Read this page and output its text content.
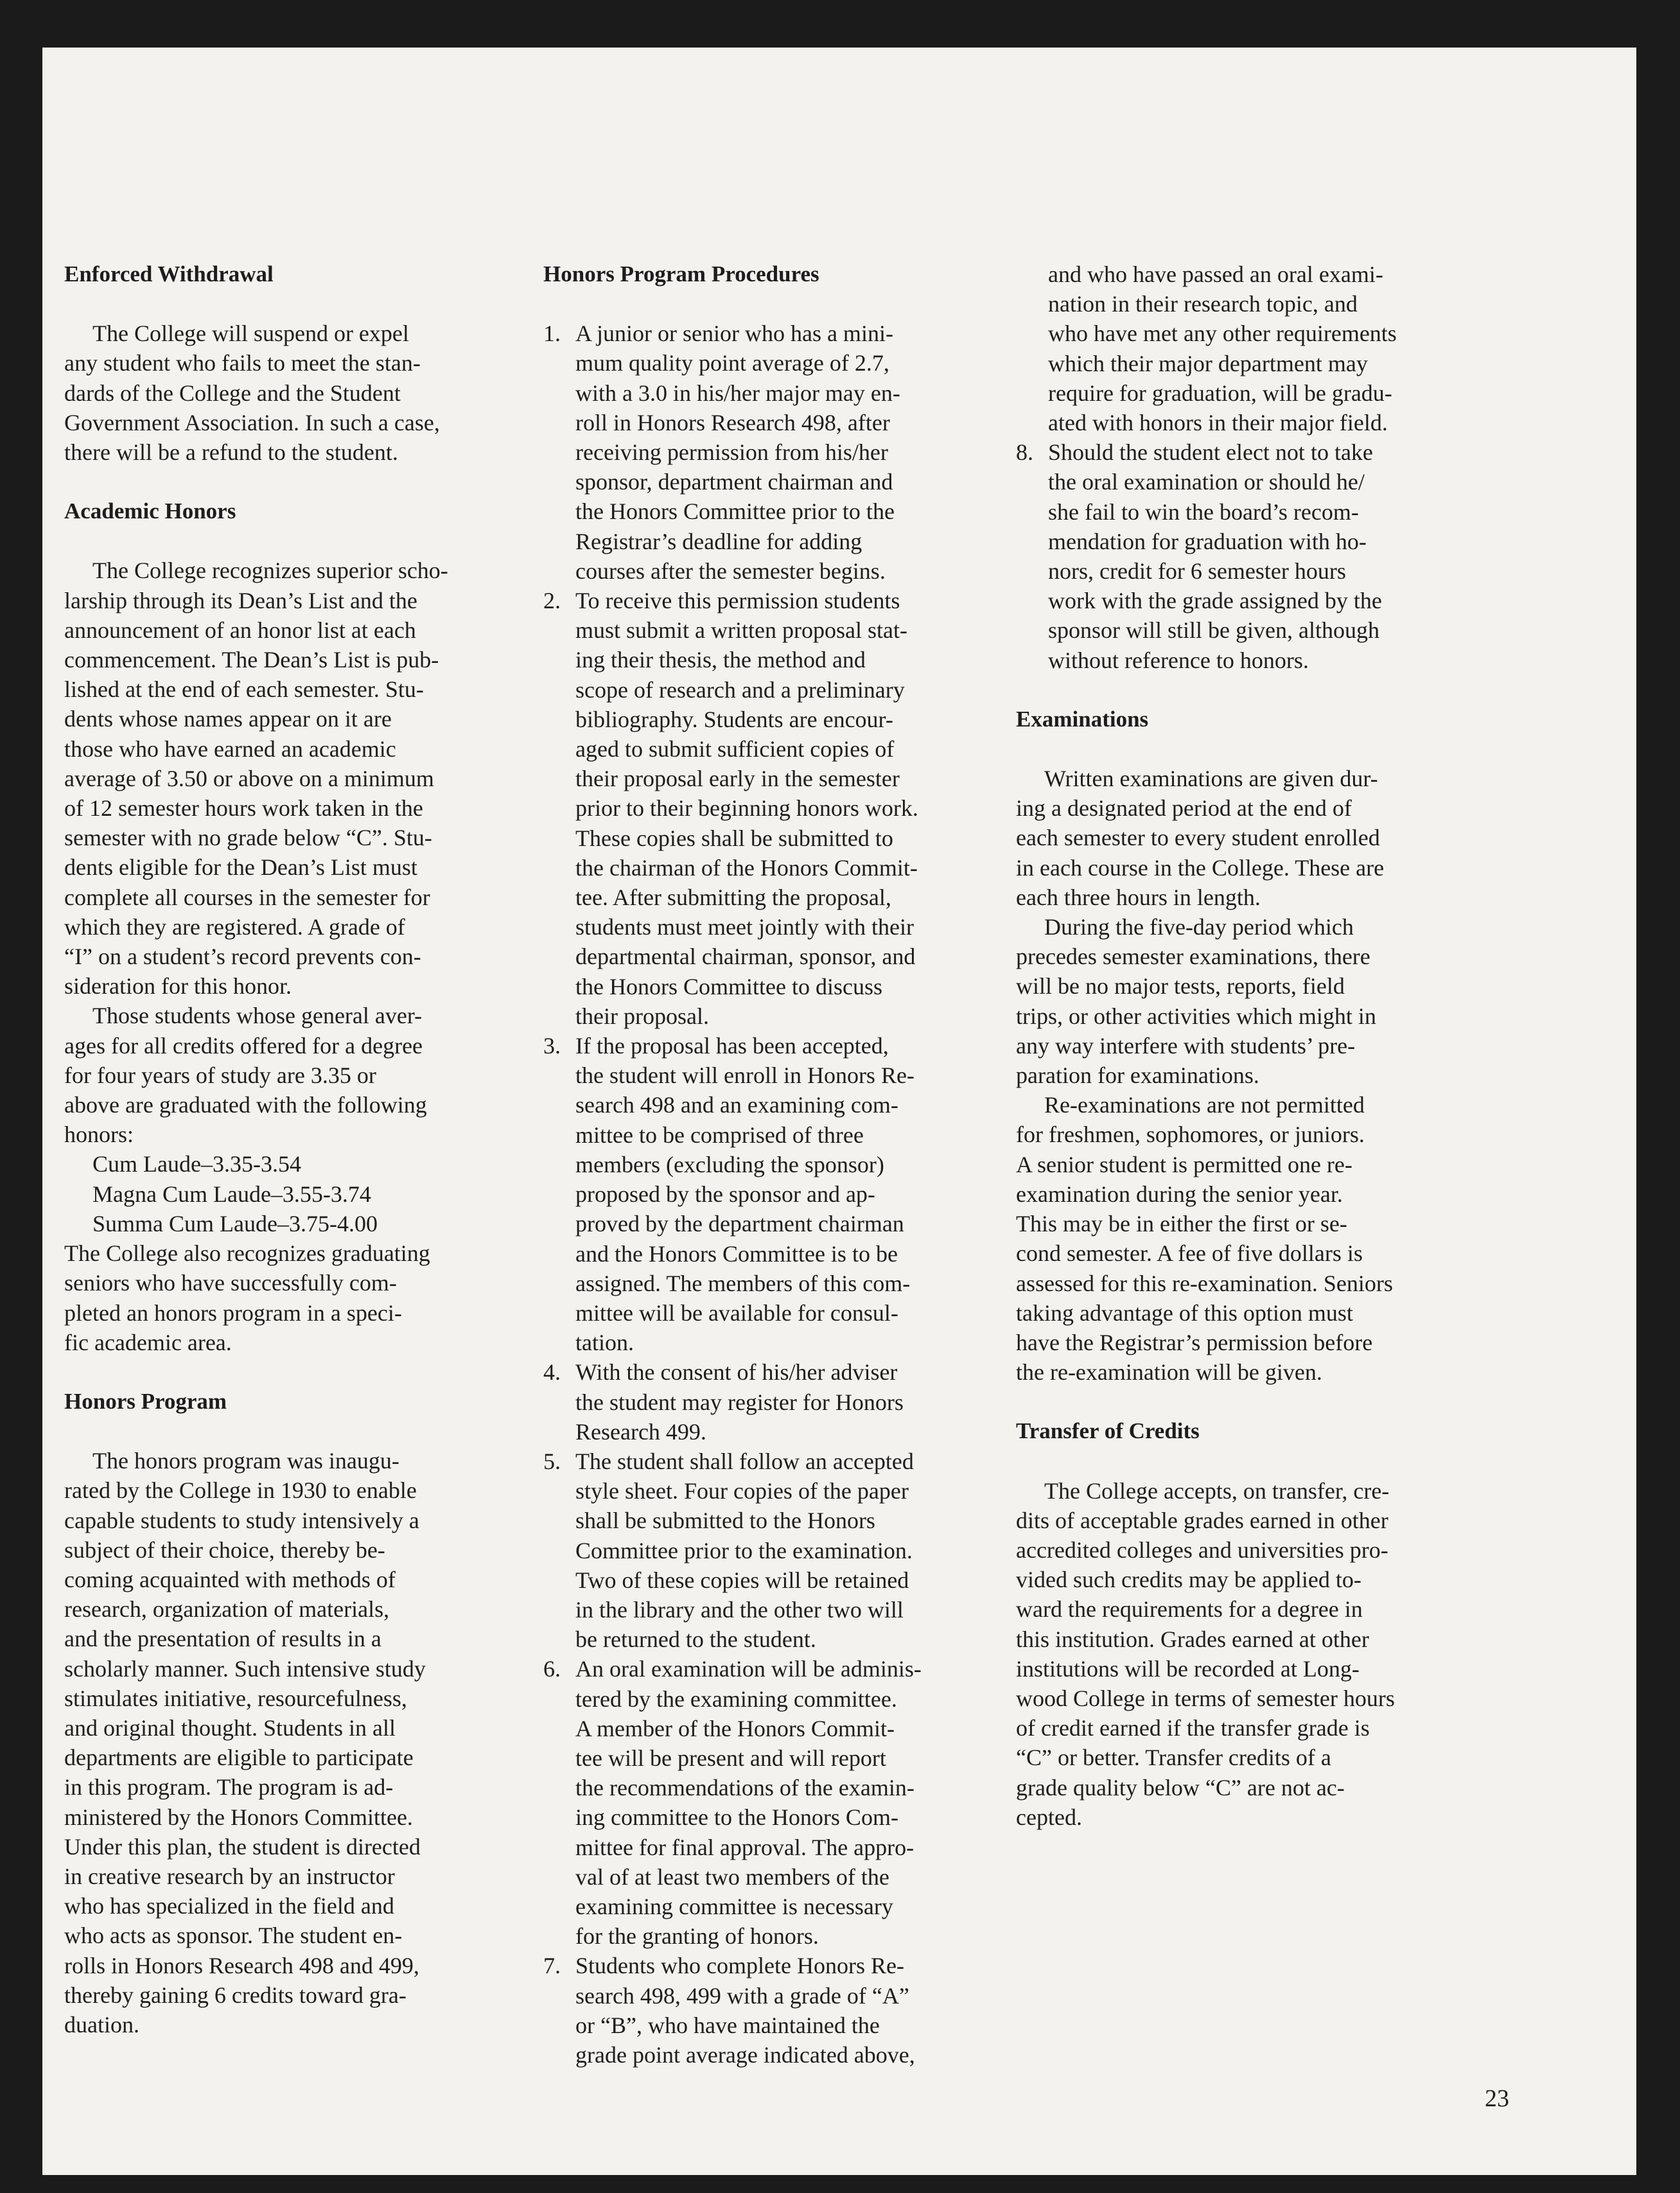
Enforced Withdrawal

The College will suspend or expel

any student who fails to meet the stan-

dards of the College and the Student

Government Association. In such a case,

there will be a refund to the student.

Academic Honors

The College recognizes superior scho-

larship through its Dean’s List and the

announcement of an honor list at each

commencement. The Dean’s List is pub-

lished at the end of each semester. Stu-

dents whose names appear on it are

those who have earned an academic

average of 3.50 or above on a minimum

of 12 semester hours work taken in the

semester with no grade below “C”. Stu-

dents eligible for the Dean’s List must

complete all courses in the semester for

which they are registered. A grade of

“I” on a student’s record prevents con-

sideration for this honor.

Those students whose general aver-

ages for all credits offered for a degree

for four years of study are 3.35 or

above are graduated with the following

honors:

Cum Laude–3.35-3.54

Magna Cum Laude–3.55-3.74

Summa Cum Laude–3.75-4.00

The College also recognizes graduating

seniors who have successfully com-

pleted an honors program in a speci-

fic academic area.

Honors Program

The honors program was inaugu-

rated by the College in 1930 to enable

capable students to study intensively a

subject of their choice, thereby be-

coming acquainted with methods of

research, organization of materials,

and the presentation of results in a

scholarly manner. Such intensive study

stimulates initiative, resourcefulness,

and original thought. Students in all

departments are eligible to participate

in this program. The program is ad-

ministered by the Honors Committee.

Under this plan, the student is directed

in creative research by an instructor

who has specialized in the field and

who acts as sponsor. The student en-

rolls in Honors Research 498 and 499,

thereby gaining 6 credits toward gra-

duation.

Honors Program Procedures

1. A junior or senior who has a mini-

mum quality point average of 2.7,

with a 3.0 in his/her major may en-

roll in Honors Research 498, after

receiving permission from his/her

sponsor, department chairman and

the Honors Committee prior to the

Registrar’s deadline for adding

courses after the semester begins.

2. To receive this permission students

must submit a written proposal stat-

ing their thesis, the method and

scope of research and a preliminary

bibliography. Students are encour-

aged to submit sufficient copies of

their proposal early in the semester

prior to their beginning honors work.

These copies shall be submitted to

the chairman of the Honors Commit-

tee. After submitting the proposal,

students must meet jointly with their

departmental chairman, sponsor, and

the Honors Committee to discuss

their proposal.

3. If the proposal has been accepted,

the student will enroll in Honors Re-

search 498 and an examining com-

mittee to be comprised of three

members (excluding the sponsor)

proposed by the sponsor and ap-

proved by the department chairman

and the Honors Committee is to be

assigned. The members of this com-

mittee will be available for consul-

tation.

4. With the consent of his/her adviser

the student may register for Honors

Research 499.

5. The student shall follow an accepted

style sheet. Four copies of the paper

shall be submitted to the Honors

Committee prior to the examination.

Two of these copies will be retained

in the library and the other two will

be returned to the student.

6. An oral examination will be adminis-

tered by the examining committee.

A member of the Honors Commit-

tee will be present and will report

the recommendations of the examin-

ing committee to the Honors Com-

mittee for final approval. The appro-

val of at least two members of the

examining committee is necessary

for the granting of honors.

7. Students who complete Honors Re-

search 498, 499 with a grade of “A”

or “B”, who have maintained the

grade point average indicated above,

and who have passed an oral exami-

nation in their research topic, and

who have met any other requirements

which their major department may

require for graduation, will be gradu-

ated with honors in their major field.

8. Should the student elect not to take

the oral examination or should he/

she fail to win the board’s recom-

mendation for graduation with ho-

nors, credit for 6 semester hours

work with the grade assigned by the

sponsor will still be given, although

without reference to honors.

Examinations

Written examinations are given dur-

ing a designated period at the end of

each semester to every student enrolled

in each course in the College. These are

each three hours in length.

During the five-day period which

precedes semester examinations, there

will be no major tests, reports, field

trips, or other activities which might in

any way interfere with students’ pre-

paration for examinations.

Re-examinations are not permitted

for freshmen, sophomores, or juniors.

A senior student is permitted one re-

examination during the senior year.

This may be in either the first or se-

cond semester. A fee of five dollars is

assessed for this re-examination. Seniors

taking advantage of this option must

have the Registrar’s permission before

the re-examination will be given.

Transfer of Credits

The College accepts, on transfer, cre-

dits of acceptable grades earned in other

accredited colleges and universities pro-

vided such credits may be applied to-

ward the requirements for a degree in

this institution. Grades earned at other

institutions will be recorded at Long-

wood College in terms of semester hours

of credit earned if the transfer grade is

“C” or better. Transfer credits of a

grade quality below “C” are not ac-

cepted.

23
